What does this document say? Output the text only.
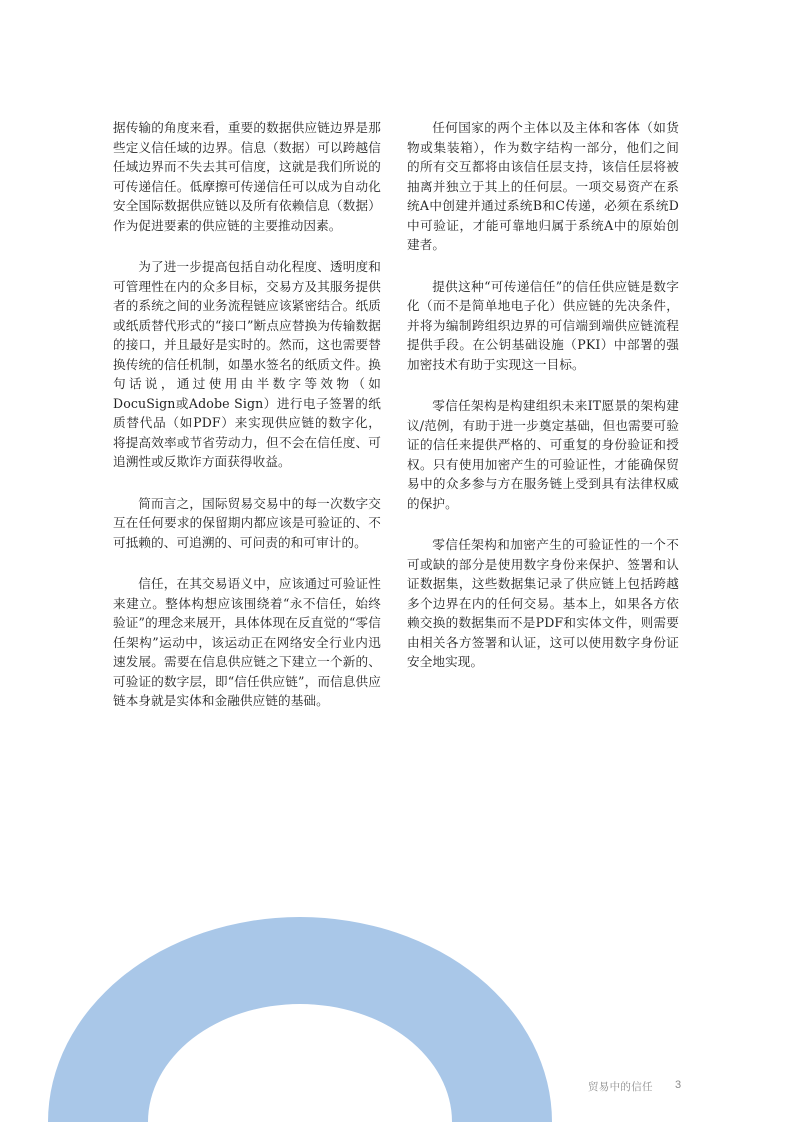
据传输的角度来看，重要的数据供应链边界是那些定义信任域的边界。信息（数据）可以跨越信任域边界而不失去其可信度，这就是我们所说的可传递信任。低摩擦可传递信任可以成为自动化安全国际数据供应链以及所有依赖信息（数据）作为促进要素的供应链的主要推动因素。

为了进一步提高包括自动化程度、透明度和可管理性在内的众多目标，交易方及其服务提供者的系统之间的业务流程链应该紧密结合。纸质或纸质替代形式的“接口”断点应替换为传输数据的接口，并且最好是实时的。然而，这也需要替换传统的信任机制，如墨水签名的纸质文件。换句话说，通过使用由半数字等效物（如DocuSign或Adobe Sign）进行电子签署的纸质替代品（如PDF）来实现供应链的数字化，将提高效率或节省劳动力，但不会在信任度、可追溯性或反欺诈方面获得收益。

简而言之，国际贸易交易中的每一次数字交互在任何要求的保留期内都应该是可验证的、不可抵赖的、可追溯的、可问责的和可审计的。

信任，在其交易语义中，应该通过可验证性来建立。整体构想应该围绕着“永不信任，始终验证”的理念来展开，具体体现在反直觉的“零信任架构”运动中，该运动正在网络安全行业内迅速发展。需要在信息供应链之下建立一个新的、可验证的数字层，即“信任供应链”，而信息供应链本身就是实体和金融供应链的基础。

任何国家的两个主体以及主体和客体（如货物或集装箱），作为数字结构一部分，他们之间的所有交互都将由该信任层支持，该信任层将被抽离并独立于其上的任何层。一项交易资产在系统A中创建并通过系统B和C传递，必须在系统D中可验证，才能可靠地归属于系统A中的原始创建者。

提供这种“可传递信任”的信任供应链是数字化（而不是简单地电子化）供应链的先决条件，并将为编制跨组织边界的可信端到端供应链流程提供手段。在公钥基础设施（PKI）中部署的强加密技术有助于实现这一目标。

零信任架构是构建组织未来IT愿景的架构建议/范例，有助于进一步奠定基础，但也需要可验证的信任来提供严格的、可重复的身份验证和授权。只有使用加密产生的可验证性，才能确保贸易中的众多参与方在服务链上受到具有法律权威的保护。

零信任架构和加密产生的可验证性的一个不可或缺的部分是使用数字身份来保护、签署和认证数据集，这些数据集记录了供应链上包括跨越多个边界在内的任何交易。基本上，如果各方依赖交换的数据集而不是PDF和实体文件，则需要由相关各方签署和认证，这可以使用数字身份证安全地实现。

贸易中的信任 3
